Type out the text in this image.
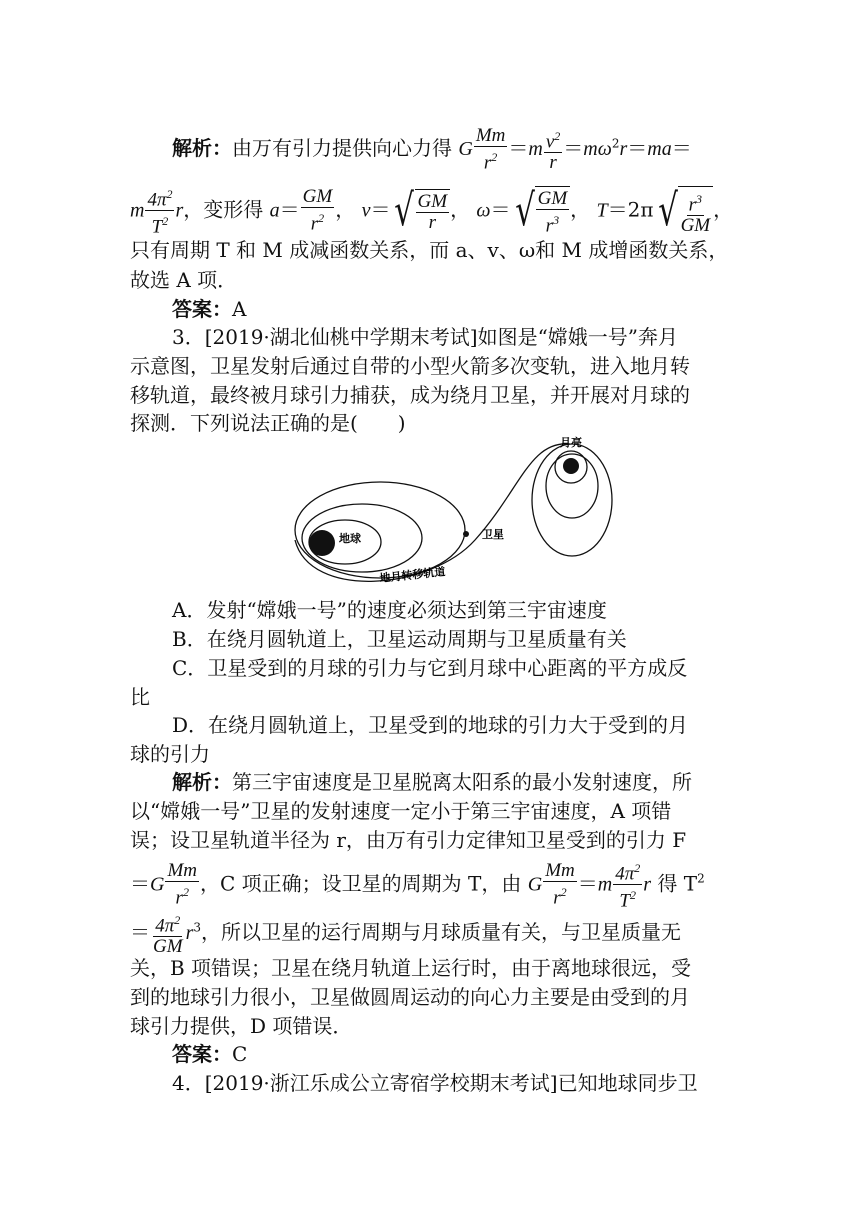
解析：由万有引力提供向心力得 G $\frac{Mm}{r^2} =m \frac{v^2}{r} =m\omega^2r=ma=$
m $\frac{4\pi^2}{T^2}$ r，变形得 $a= \frac{GM}{r^2}$ ， v＝ √ $\frac{GM}{r}$ ， ω＝ √ $\frac{GM}{r^3}$ ， T＝2π √ $\frac{r^3}{GM}$ ，
只有周期 T 和 M 成减函数关系，而 a、v、ω和 M 成增函数关系，
故选 A 项．
答案：A
3．[2019·湖北仙桃中学期末考试]如图是“嫦娥一号”奔月
示意图，卫星发射后通过自带的小型火箭多次变轨，进入地月转
移轨道，最终被月球引力捕获，成为绕月卫星，并开展对月球的
探测．下列说法正确的是(　　)
月亮
地球	卫星
地月转移轨道
A．发射“嫦娥一号”的速度必须达到第三宇宙速度
B．在绕月圆轨道上，卫星运动周期与卫星质量有关
C．卫星受到的月球的引力与它到月球中心距离的平方成反
比
D．在绕月圆轨道上，卫星受到的地球的引力大于受到的月
球的引力
解析：第三宇宙速度是卫星脱离太阳系的最小发射速度，所
以“嫦娥一号”卫星的发射速度一定小于第三宇宙速度，A 项错
误；设卫星轨道半径为 r，由万有引力定律知卫星受到的引力 F
$=G \frac{Mm}{r^2}$ ，C 项正确；设卫星的周期为 T，由 G $\frac{Mm}{r^2} =m \frac{4\pi^2}{T^2}$ r 得 $T^2$
＝ $\frac{4\pi^2}{GM} r^3$，所以卫星的运行周期与月球质量有关，与卫星质量无
关，B 项错误；卫星在绕月轨道上运行时，由于离地球很远，受
到的地球引力很小，卫星做圆周运动的向心力主要是由受到的月
球引力提供，D 项错误．
答案：C
4．[2019·浙江乐成公立寄宿学校期末考试]已知地球同步卫
